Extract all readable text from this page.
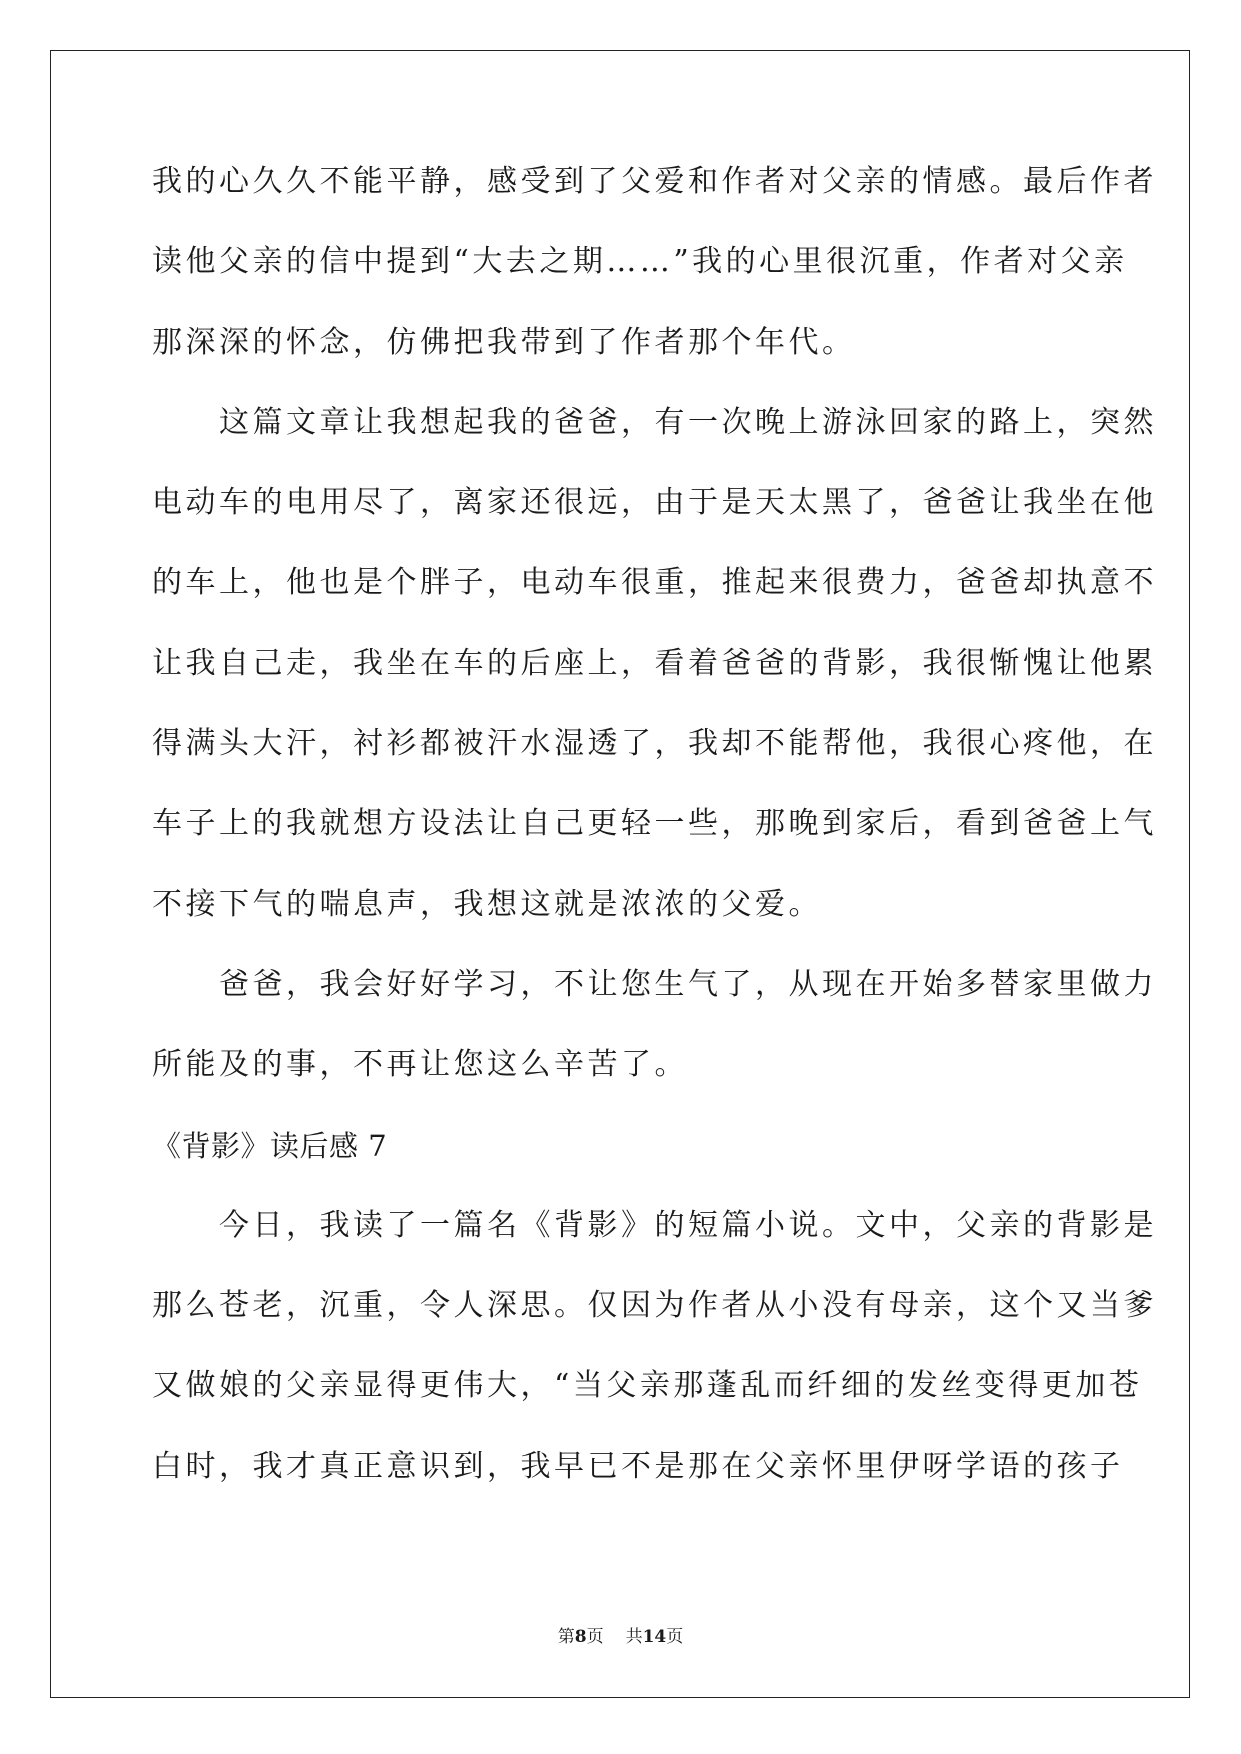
我的心久久不能平静，感受到了父爱和作者对父亲的情感。最后作者
读他父亲的信中提到“大去之期……”我的心里很沉重，作者对父亲
那深深的怀念，仿佛把我带到了作者那个年代。
　　这篇文章让我想起我的爸爸，有一次晚上游泳回家的路上，突然
电动车的电用尽了，离家还很远，由于是天太黑了，爸爸让我坐在他
的车上，他也是个胖子，电动车很重，推起来很费力，爸爸却执意不
让我自己走，我坐在车的后座上，看着爸爸的背影，我很惭愧让他累
得满头大汗，衬衫都被汗水湿透了，我却不能帮他，我很心疼他，在
车子上的我就想方设法让自己更轻一些，那晚到家后，看到爸爸上气
不接下气的喘息声，我想这就是浓浓的父爱。
　　爸爸，我会好好学习，不让您生气了，从现在开始多替家里做力
所能及的事，不再让您这么辛苦了。
《背影》读后感 7
　　今日，我读了一篇名《背影》的短篇小说。文中，父亲的背影是
那么苍老，沉重，令人深思。仅因为作者从小没有母亲，这个又当爹
又做娘的父亲显得更伟大，“当父亲那蓬乱而纤细的发丝变得更加苍
白时，我才真正意识到，我早已不是那在父亲怀里伊呀学语的孩子
第8页 共14页
